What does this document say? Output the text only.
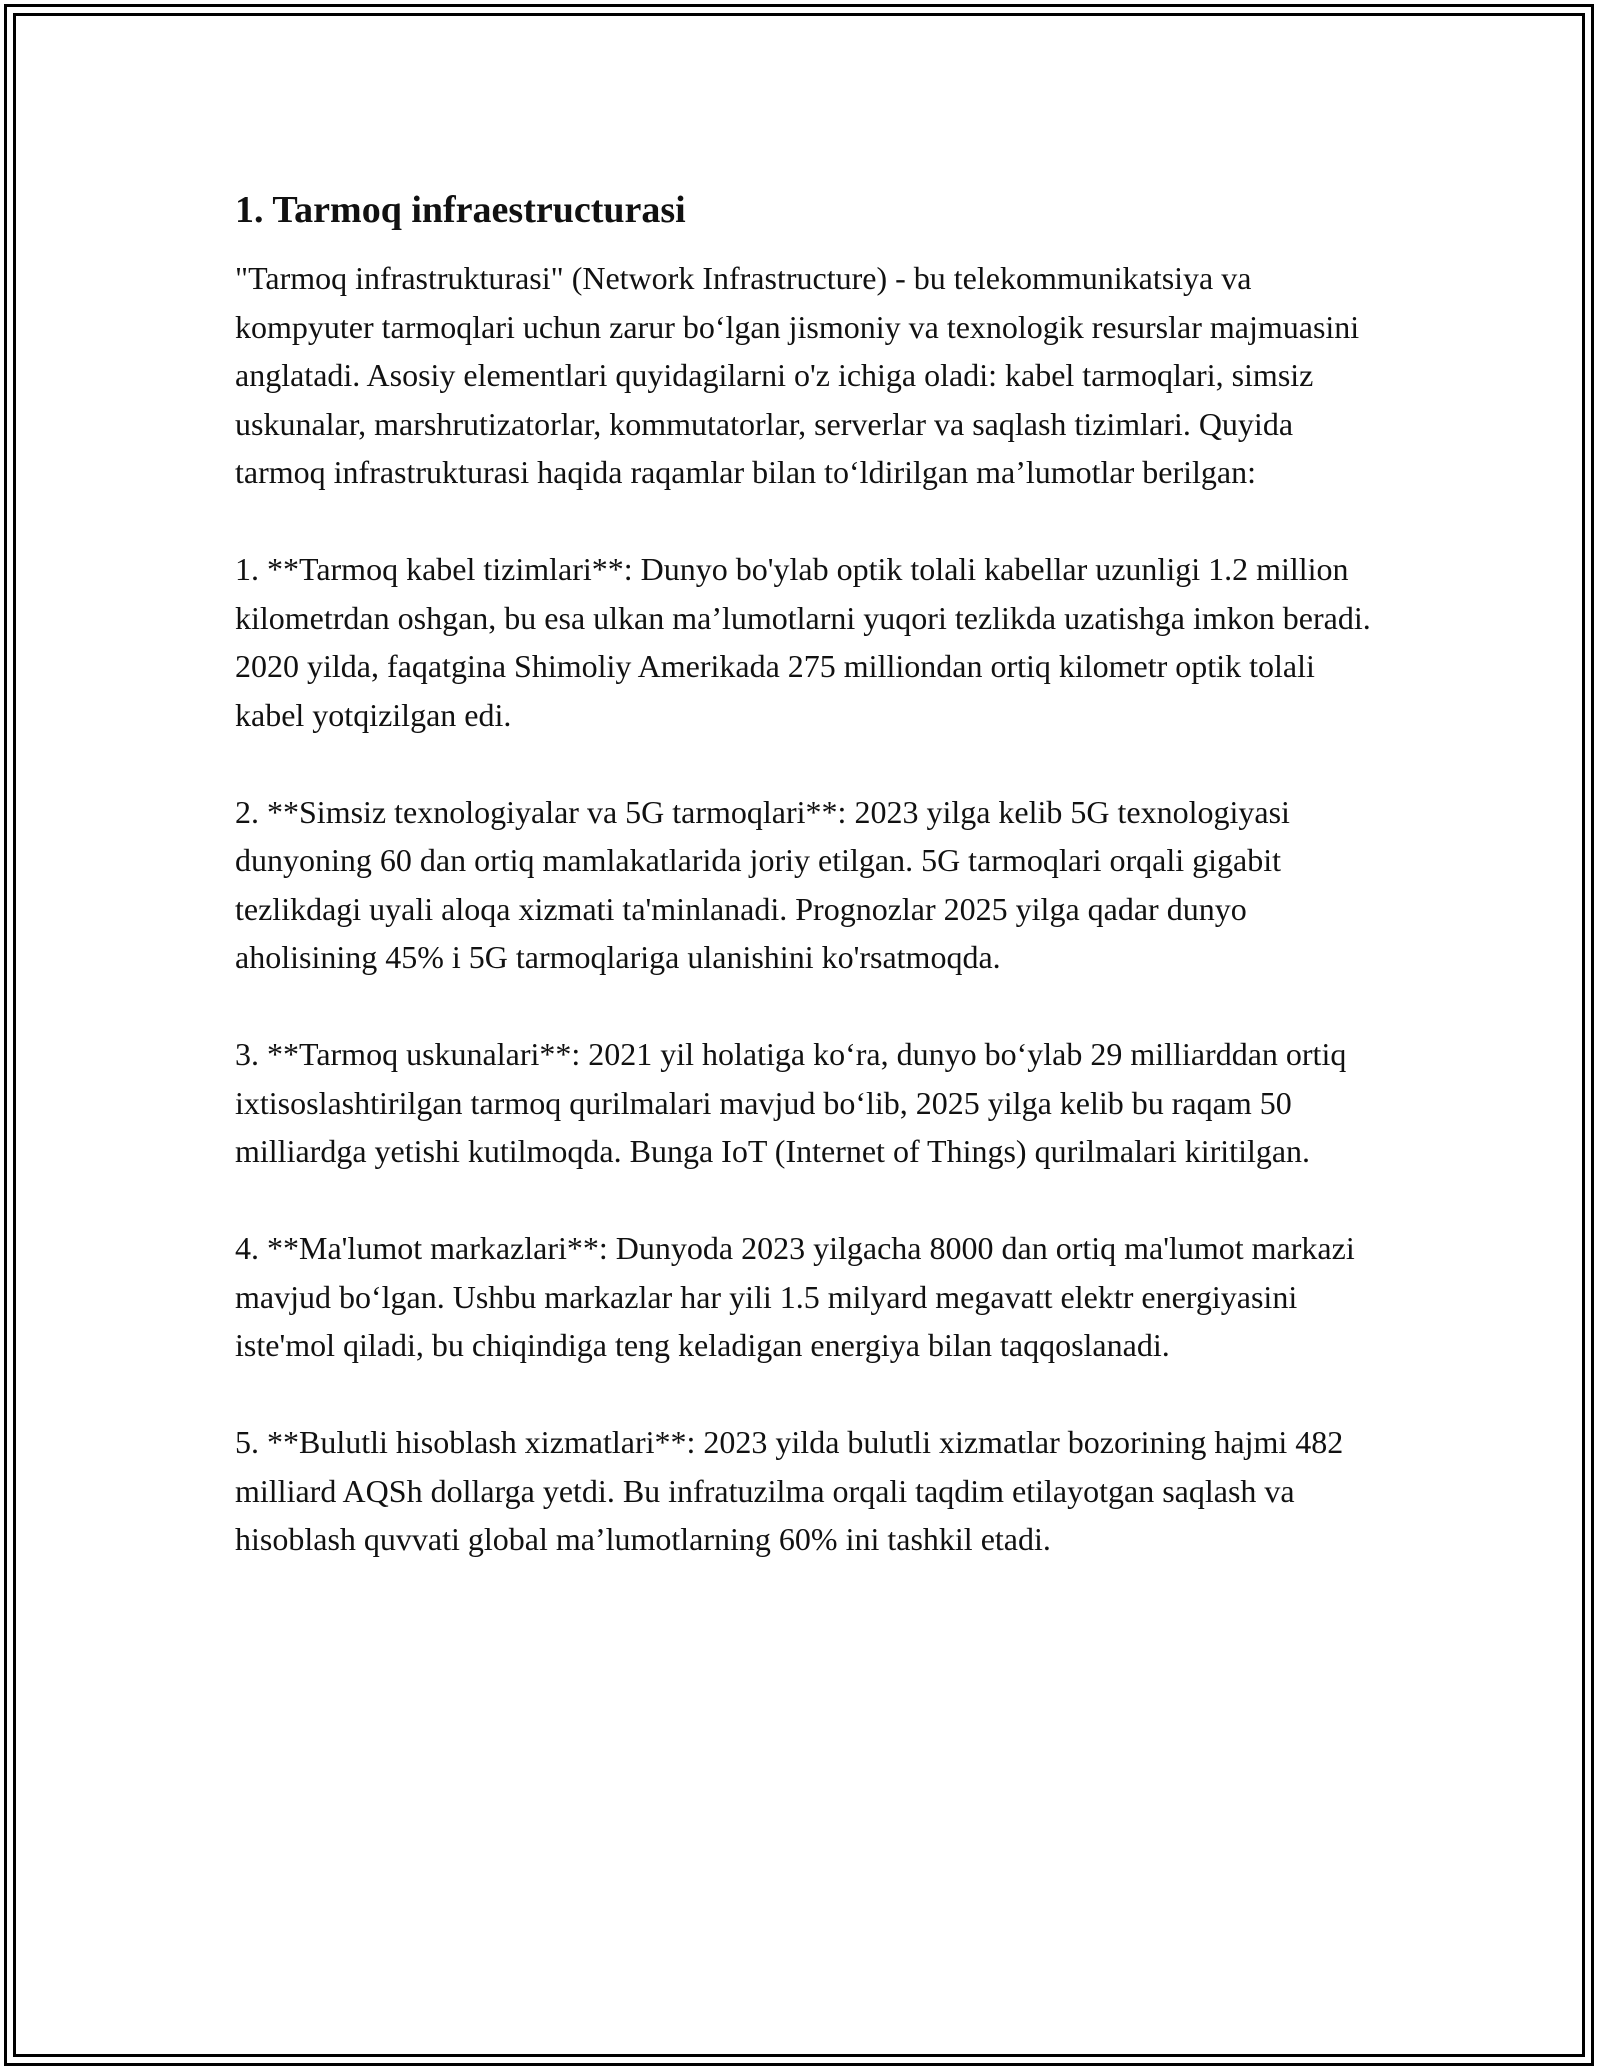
1. Tarmoq infraestructurasi

"Tarmoq infrastrukturasi" (Network Infrastructure) - bu telekommunikatsiya va kompyuter tarmoqlari uchun zarur bo‘lgan jismoniy va texnologik resurslar majmuasini anglatadi. Asosiy elementlari quyidagilarni o'z ichiga oladi: kabel tarmoqlari, simsiz uskunalar, marshrutizatorlar, kommutatorlar, serverlar va saqlash tizimlari. Quyida tarmoq infrastrukturasi haqida raqamlar bilan to‘ldirilgan ma’lumotlar berilgan:

1. **Tarmoq kabel tizimlari**: Dunyo bo'ylab optik tolali kabellar uzunligi 1.2 million kilometrdan oshgan, bu esa ulkan ma’lumotlarni yuqori tezlikda uzatishga imkon beradi. 2020 yilda, faqatgina Shimoliy Amerikada 275 milliondan ortiq kilometr optik tolali kabel yotqizilgan edi.

2. **Simsiz texnologiyalar va 5G tarmoqlari**: 2023 yilga kelib 5G texnologiyasi dunyoning 60 dan ortiq mamlakatlarida joriy etilgan. 5G tarmoqlari orqali gigabit tezlikdagi uyali aloqa xizmati ta'minlanadi. Prognozlar 2025 yilga qadar dunyo aholisining 45% i 5G tarmoqlariga ulanishini ko'rsatmoqda.

3. **Tarmoq uskunalari**: 2021 yil holatiga ko‘ra, dunyo bo‘ylab 29 milliarddan ortiq ixtisoslashtirilgan tarmoq qurilmalari mavjud bo‘lib, 2025 yilga kelib bu raqam 50 milliardga yetishi kutilmoqda. Bunga IoT (Internet of Things) qurilmalari kiritilgan.

4. **Ma'lumot markazlari**: Dunyoda 2023 yilgacha 8000 dan ortiq ma'lumot markazi mavjud bo‘lgan. Ushbu markazlar har yili 1.5 milyard megavatt elektr energiyasini iste'mol qiladi, bu chiqindiga teng keladigan energiya bilan taqqoslanadi.

5. **Bulutli hisoblash xizmatlari**: 2023 yilda bulutli xizmatlar bozorining hajmi 482 milliard AQSh dollarga yetdi. Bu infratuzilma orqali taqdim etilayotgan saqlash va hisoblash quvvati global ma’lumotlarning 60% ini tashkil etadi.
